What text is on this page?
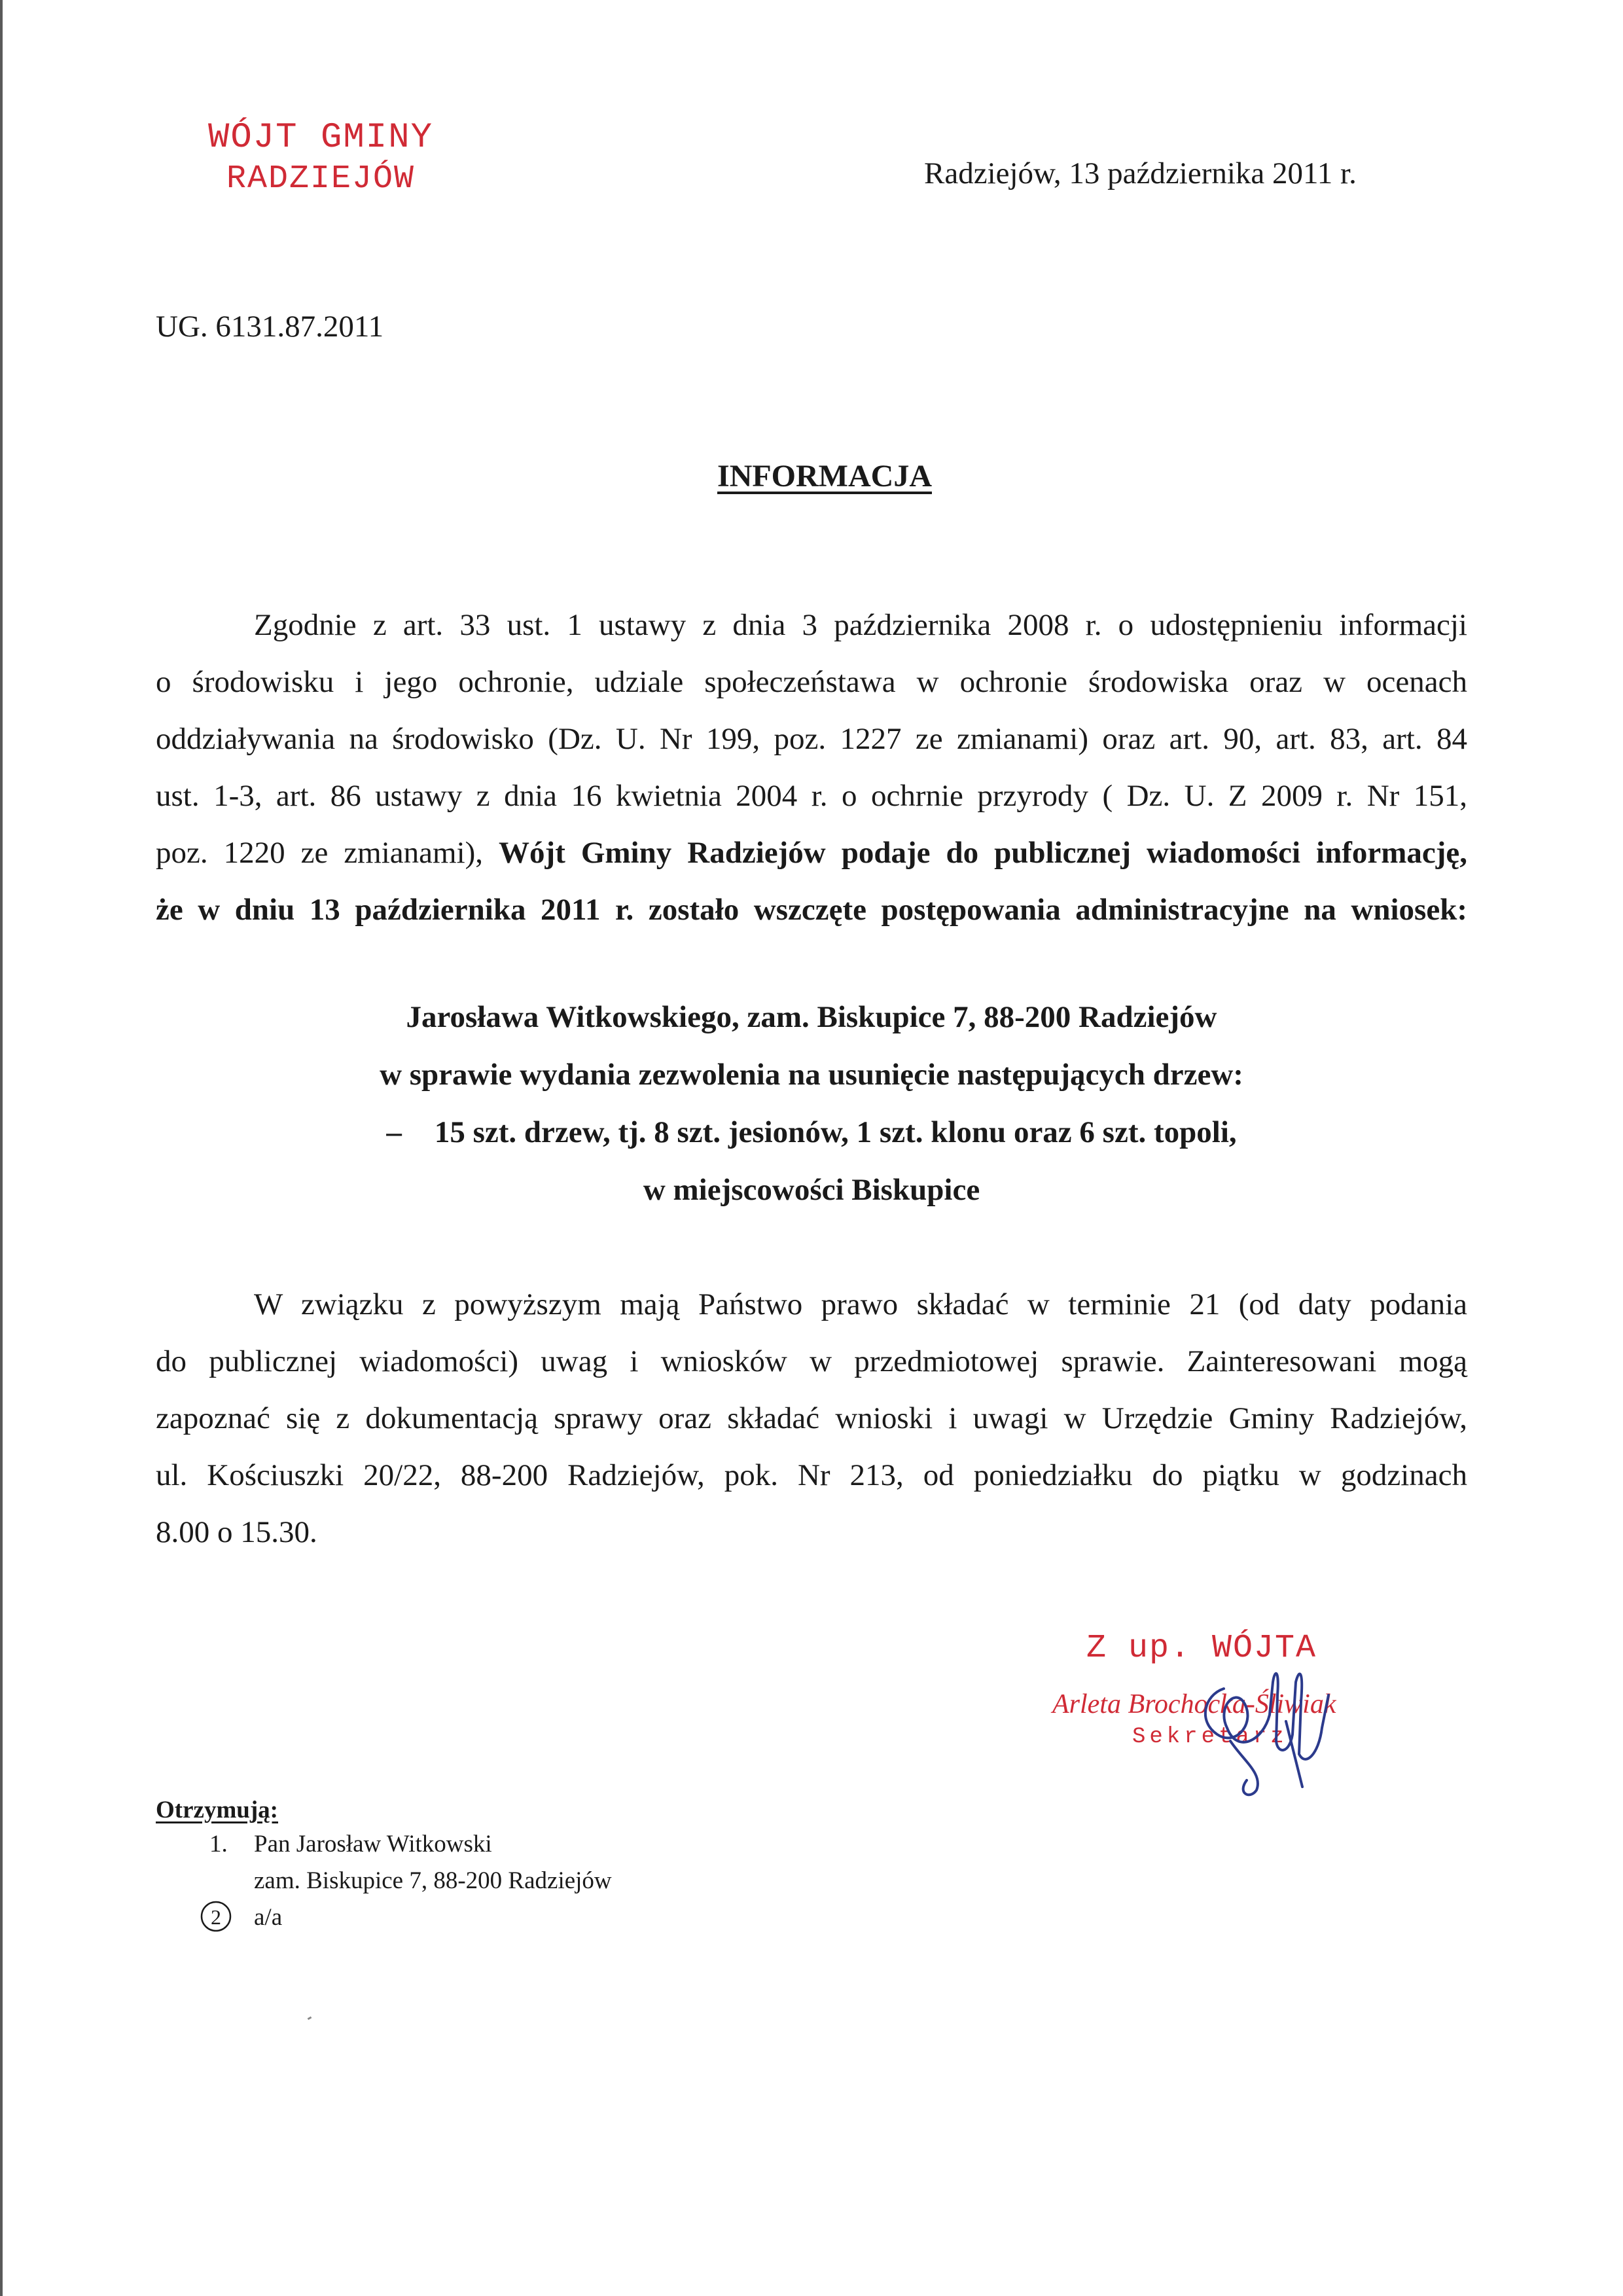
WÓJT GMINY
RADZIEJÓW	Radziejów, 13 października 2011 r.
UG. 6131.87.2011
INFORMACJA
Zgodnie z art. 33 ust. 1 ustawy z dnia 3 października 2008 r. o udostępnieniu informacji
o środowisku i jego ochronie, udziale społeczeństawa w ochronie środowiska oraz w ocenach
oddziaływania na środowisko (Dz. U. Nr 199, poz. 1227 ze zmianami) oraz art. 90, art. 83, art. 84
ust. 1-3, art. 86 ustawy z dnia 16 kwietnia 2004 r. o ochrnie przyrody ( Dz. U. Z 2009 r. Nr 151,
poz. 1220 ze zmianami), Wójt Gminy Radziejów podaje do publicznej wiadomości informację,
że w dniu 13 października 2011 r. zostało wszczęte postępowania administracyjne na wniosek:
Jarosława Witkowskiego, zam. Biskupice 7, 88-200 Radziejów
w sprawie wydania zezwolenia na usunięcie następujących drzew:
– 15 szt. drzew, tj. 8 szt. jesionów, 1 szt. klonu oraz 6 szt. topoli,
w miejscowości Biskupice
W związku z powyższym mają Państwo prawo składać w terminie 21 (od daty podania
do publicznej wiadomości) uwag i wniosków w przedmiotowej sprawie. Zainteresowani mogą
zapoznać się z dokumentacją sprawy oraz składać wnioski i uwagi w Urzędzie Gminy Radziejów,
ul. Kościuszki 20/22, 88-200 Radziejów, pok. Nr 213, od poniedziałku do piątku w godzinach
8.00 o 15.30.
Z up. WÓJTA
Arleta Brochocka-Śliwiak
Sekretarz
Otrzymują:
1. Pan Jarosław Witkowski
zam. Biskupice 7, 88-200 Radziejów
2 a/a
